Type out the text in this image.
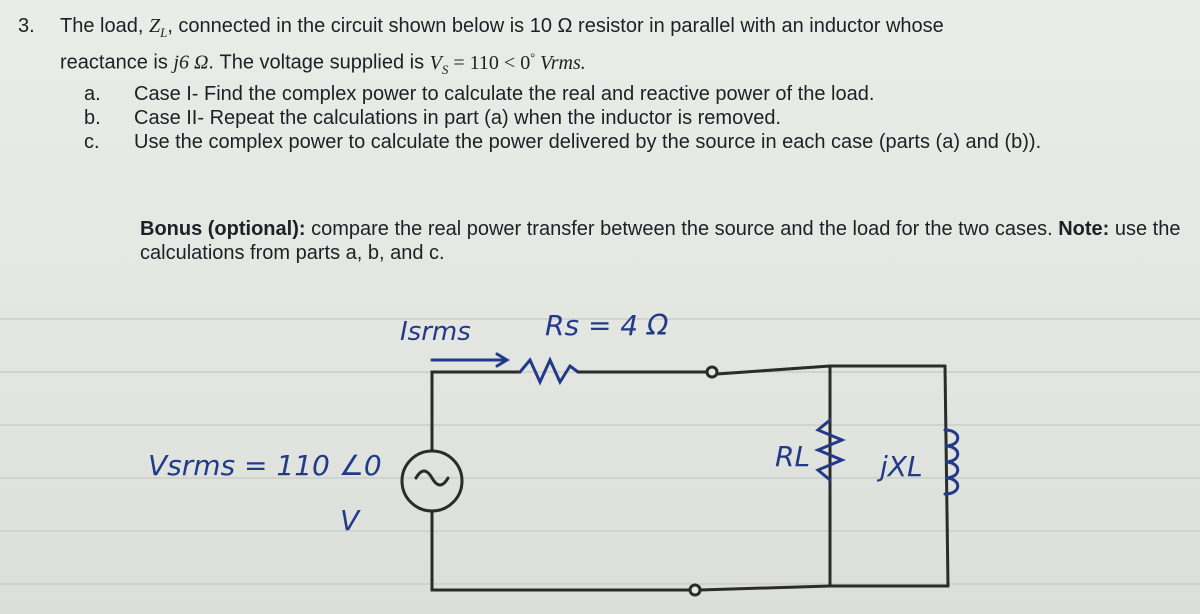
3. The load, $Z_L$, connected in the circuit shown below is 10 Ω resistor in parallel with an inductor whose
reactance is j6 Ω. The voltage supplied is $V_S = 110 < 0^\circ$ Vrms.
a.	Case I- Find the complex power to calculate the real and reactive power of the load.
b.	Case II- Repeat the calculations in part (a) when the inductor is removed.
c.	Use the complex power to calculate the power delivered by the source in each case (parts (a) and (b)).
Bonus (optional): compare the real power transfer between the source and the load for the two cases. Note: use the calculations from parts a, b, and c.
Isrms	Rs = 4 Ω
Vsrms = 110 ∠0
V
RL jXL
